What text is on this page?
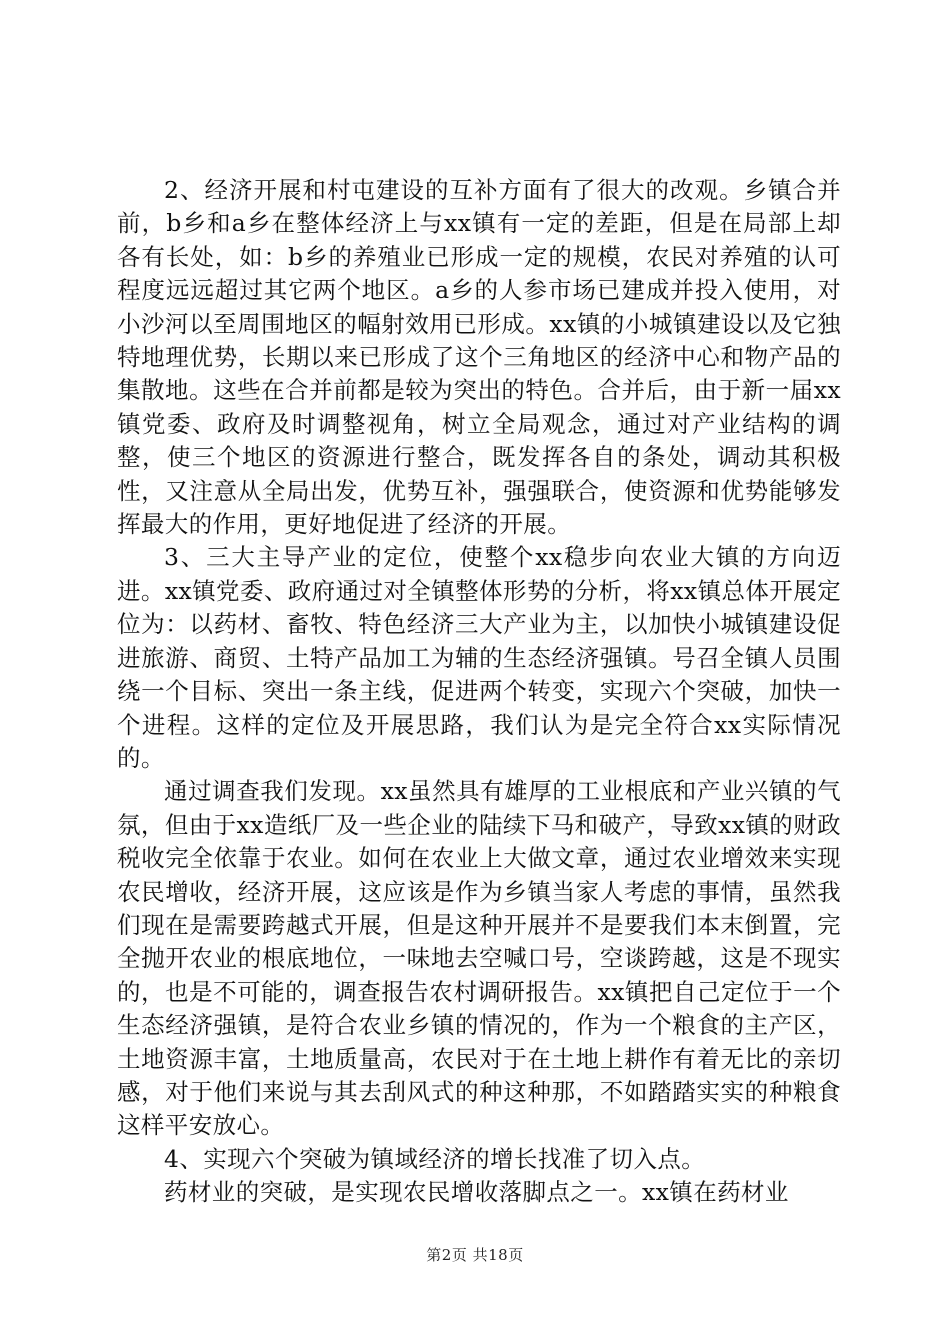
2、经济开展和村屯建设的互补方面有了很大的改观。乡镇合并前，b乡和a乡在整体经济上与xx镇有一定的差距，但是在局部上却各有长处，如：b乡的养殖业已形成一定的规模，农民对养殖的认可程度远远超过其它两个地区。a乡的人参市场已建成并投入使用，对小沙河以至周围地区的幅射效用已形成。xx镇的小城镇建设以及它独特地理优势，长期以来已形成了这个三角地区的经济中心和物产品的集散地。这些在合并前都是较为突出的特色。合并后，由于新一届xx镇党委、政府及时调整视角，树立全局观念，通过对产业结构的调整，使三个地区的资源进行整合，既发挥各自的条处，调动其积极性，又注意从全局出发，优势互补，强强联合，使资源和优势能够发挥最大的作用，更好地促进了经济的开展。

3、三大主导产业的定位，使整个xx稳步向农业大镇的方向迈进。xx镇党委、政府通过对全镇整体形势的分析，将xx镇总体开展定位为：以药材、畜牧、特色经济三大产业为主，以加快小城镇建设促进旅游、商贸、土特产品加工为辅的生态经济强镇。号召全镇人员围绕一个目标、突出一条主线，促进两个转变，实现六个突破，加快一个进程。这样的定位及开展思路，我们认为是完全符合xx实际情况的。

通过调查我们发现。xx虽然具有雄厚的工业根底和产业兴镇的气氛，但由于xx造纸厂及一些企业的陆续下马和破产，导致xx镇的财政税收完全依靠于农业。如何在农业上大做文章，通过农业增效来实现农民增收，经济开展，这应该是作为乡镇当家人考虑的事情，虽然我们现在是需要跨越式开展，但是这种开展并不是要我们本末倒置，完全抛开农业的根底地位，一味地去空喊口号，空谈跨越，这是不现实的，也是不可能的，调查报告农村调研报告。xx镇把自己定位于一个生态经济强镇，是符合农业乡镇的情况的，作为一个粮食的主产区，土地资源丰富，土地质量高，农民对于在土地上耕作有着无比的亲切感，对于他们来说与其去刮风式的种这种那，不如踏踏实实的种粮食这样平安放心。

4、实现六个突破为镇域经济的增长找准了切入点。

药材业的突破，是实现农民增收落脚点之一。xx镇在药材业

第2页 共18页
